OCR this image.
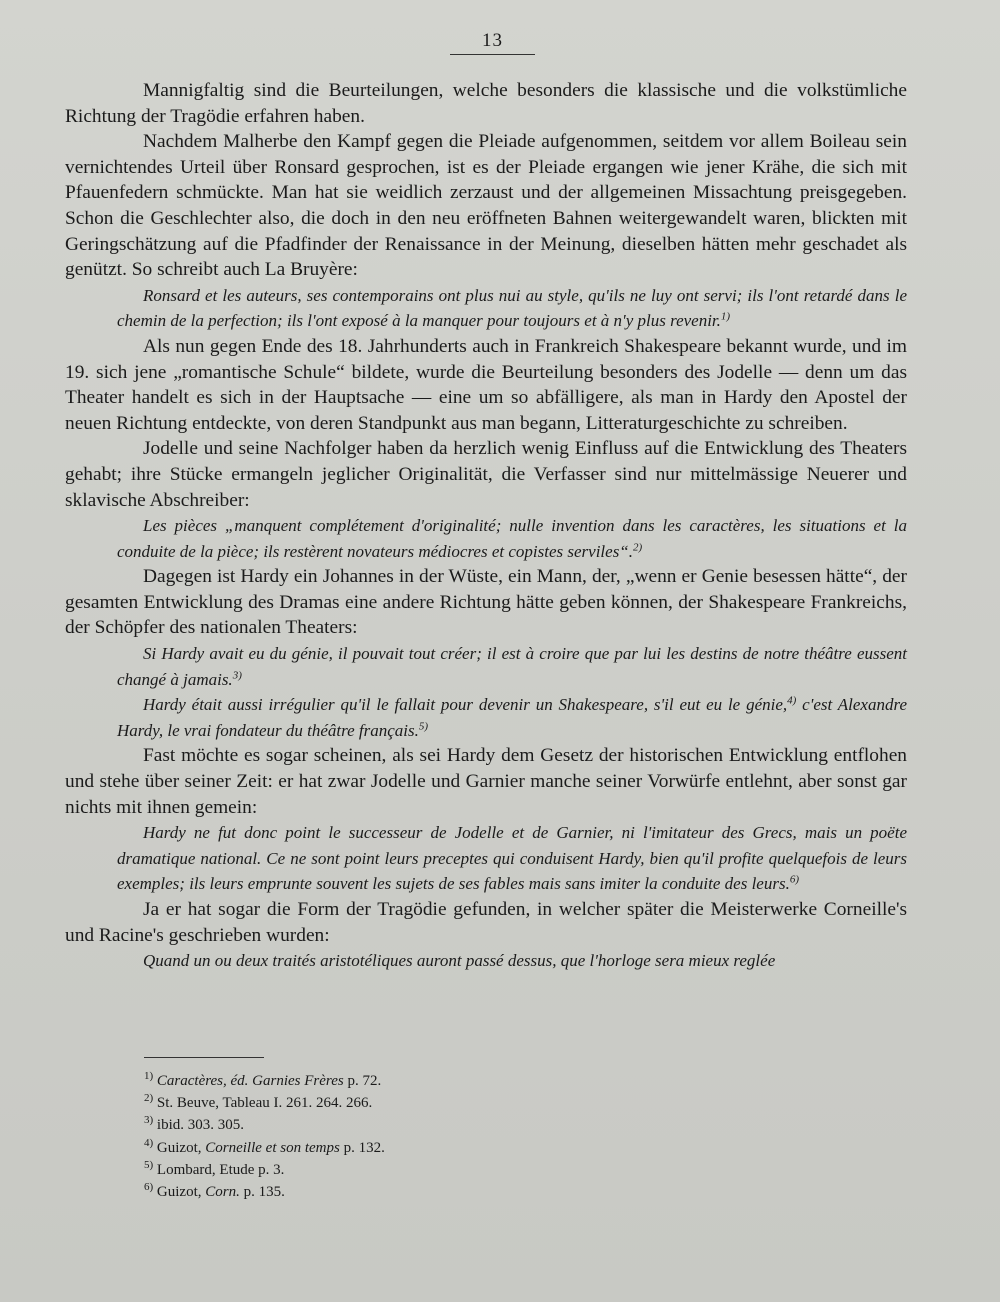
13

Mannigfaltig sind die Beurteilungen, welche besonders die klassische und die volkstümliche Richtung der Tragödie erfahren haben.

Nachdem Malherbe den Kampf gegen die Pleiade aufgenommen, seitdem vor allem Boileau sein vernichtendes Urteil über Ronsard gesprochen, ist es der Pleiade ergangen wie jener Krähe, die sich mit Pfauenfedern schmückte. Man hat sie weidlich zerzaust und der allgemeinen Missachtung preisgegeben. Schon die Geschlechter also, die doch in den neu eröffneten Bahnen weitergewandelt waren, blickten mit Geringschätzung auf die Pfadfinder der Renaissance in der Meinung, dieselben hätten mehr geschadet als genützt. So schreibt auch La Bruyère:

Ronsard et les auteurs, ses contemporains ont plus nui au style, qu'ils ne luy ont servi; ils l'ont retardé dans le chemin de la perfection; ils l'ont exposé à la manquer pour toujours et à n'y plus revenir.$^{1)}$

Als nun gegen Ende des 18. Jahrhunderts auch in Frankreich Shakespeare bekannt wurde, und im 19. sich jene „romantische Schule“ bildete, wurde die Beurteilung besonders des Jodelle — denn um das Theater handelt es sich in der Hauptsache — eine um so abfälligere, als man in Hardy den Apostel der neuen Richtung entdeckte, von deren Standpunkt aus man begann, Litteraturgeschichte zu schreiben.

Jodelle und seine Nachfolger haben da herzlich wenig Einfluss auf die Entwicklung des Theaters gehabt; ihre Stücke ermangeln jeglicher Originalität, die Verfasser sind nur mittelmässige Neuerer und sklavische Abschreiber:

Les pièces „manquent complétement d'originalité; nulle invention dans les caractères, les situations et la conduite de la pièce; ils restèrent novateurs médiocres et copistes serviles“.$^{2)}$

Dagegen ist Hardy ein Johannes in der Wüste, ein Mann, der, „wenn er Genie besessen hätte“, der gesamten Entwicklung des Dramas eine andere Richtung hätte geben können, der Shakespeare Frankreichs, der Schöpfer des nationalen Theaters:

Si Hardy avait eu du génie, il pouvait tout créer; il est à croire que par lui les destins de notre théâtre eussent changé à jamais.$^{3)}$

Hardy était aussi irrégulier qu'il le fallait pour devenir un Shakespeare, s'il eut eu le génie,$^{4)}$ c'est Alexandre Hardy, le vrai fondateur du théâtre français.$^{5)}$

Fast möchte es sogar scheinen, als sei Hardy dem Gesetz der historischen Entwicklung entflohen und stehe über seiner Zeit: er hat zwar Jodelle und Garnier manche seiner Vorwürfe entlehnt, aber sonst gar nichts mit ihnen gemein:

Hardy ne fut donc point le successeur de Jodelle et de Garnier, ni l'imitateur des Grecs, mais un poëte dramatique national. Ce ne sont point leurs preceptes qui conduisent Hardy, bien qu'il profite quelquefois de leurs exemples; ils leurs emprunte souvent les sujets de ses fables mais sans imiter la conduite des leurs.$^{6)}$

Ja er hat sogar die Form der Tragödie gefunden, in welcher später die Meisterwerke Corneille's und Racine's geschrieben wurden:

Quand un ou deux traités aristotéliques auront passé dessus, que l'horloge sera mieux reglée

$^{1)}$ Caractères, éd. Garnies Frères p. 72.
$^{2)}$ St. Beuve, Tableau I. 261. 264. 266.
$^{3)}$ ibid. 303. 305.
$^{4)}$ Guizot, Corneille et son temps p. 132.
$^{5)}$ Lombard, Etude p. 3.
$^{6)}$ Guizot, Corn. p. 135.
